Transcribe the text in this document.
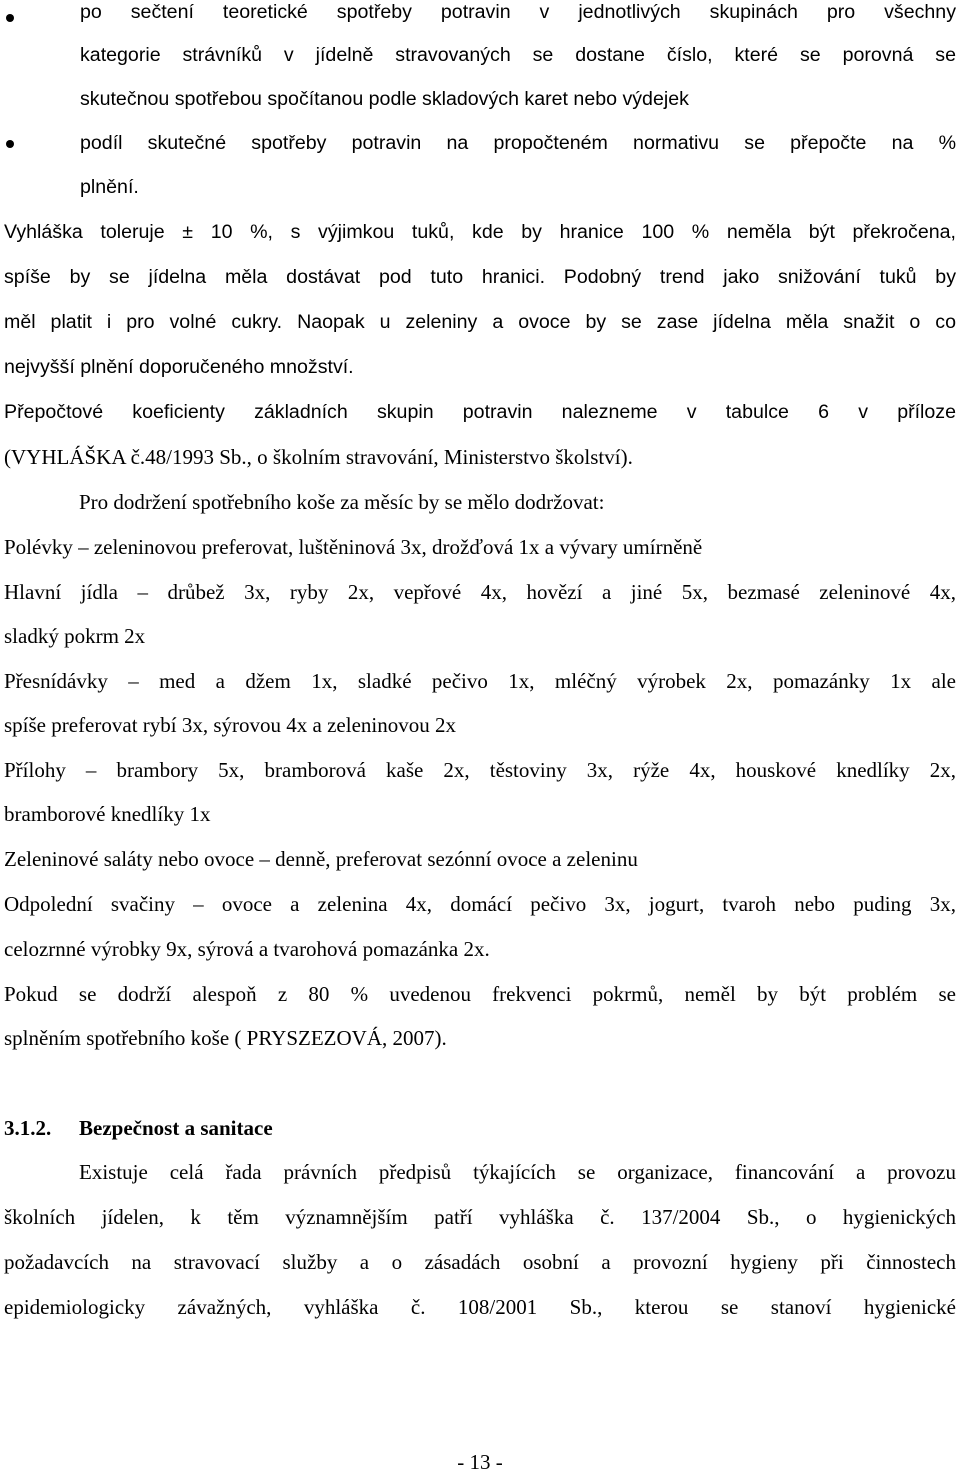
po sečtení teoretické spotřeby potravin v jednotlivých skupinách pro všechny
kategorie strávníků v jídelně stravovaných se dostane číslo, které se porovná se
skutečnou spotřebou spočítanou podle skladových karet nebo výdejek
podíl skutečné spotřeby potravin na propočteném normativu se přepočte na %
plnění.
Vyhláška toleruje ± 10 %, s výjimkou tuků, kde by hranice 100 % neměla být překročena,
spíše by se jídelna měla dostávat pod tuto hranici. Podobný trend jako snižování tuků by
měl platit i pro volné cukry. Naopak u zeleniny a ovoce by se zase jídelna měla snažit o co
nejvyšší plnění doporučeného množství.
Přepočtové koeficienty základních skupin potravin nalezneme v tabulce 6 v příloze
(VYHLÁŠKA č.48/1993 Sb., o školním stravování, Ministerstvo školství).
Pro dodržení spotřebního koše za měsíc by se mělo dodržovat:
Polévky – zeleninovou preferovat, luštěninová 3x, drožďová 1x a vývary umírněně
Hlavní jídla – drůbež 3x, ryby 2x, vepřové 4x, hovězí a jiné 5x, bezmasé zeleninové 4x,
sladký pokrm 2x
Přesnídávky – med a džem 1x, sladké pečivo 1x, mléčný výrobek 2x, pomazánky 1x ale
spíše preferovat rybí 3x, sýrovou 4x a zeleninovou 2x
Přílohy – brambory 5x, bramborová kaše 2x, těstoviny 3x, rýže 4x, houskové knedlíky 2x,
bramborové knedlíky 1x
Zeleninové saláty nebo ovoce – denně, preferovat sezónní ovoce a zeleninu
Odpolední svačiny – ovoce a zelenina 4x, domácí pečivo 3x, jogurt, tvaroh nebo puding 3x,
celozrnné výrobky 9x, sýrová a tvarohová pomazánka 2x.
Pokud se dodrží alespoň z 80 % uvedenou frekvenci pokrmů, neměl by být problém se
splněním spotřebního koše ( PRYSZEZOVÁ, 2007).
3.1.2. Bezpečnost a sanitace
Existuje celá řada právních předpisů týkajících se organizace, financování a provozu
školních jídelen, k těm významnějším patří vyhláška č. 137/2004 Sb., o hygienických
požadavcích na stravovací služby a o zásadách osobní a provozní hygieny při činnostech
epidemiologicky závažných, vyhláška č. 108/2001 Sb., kterou se stanoví hygienické
- 13 -
